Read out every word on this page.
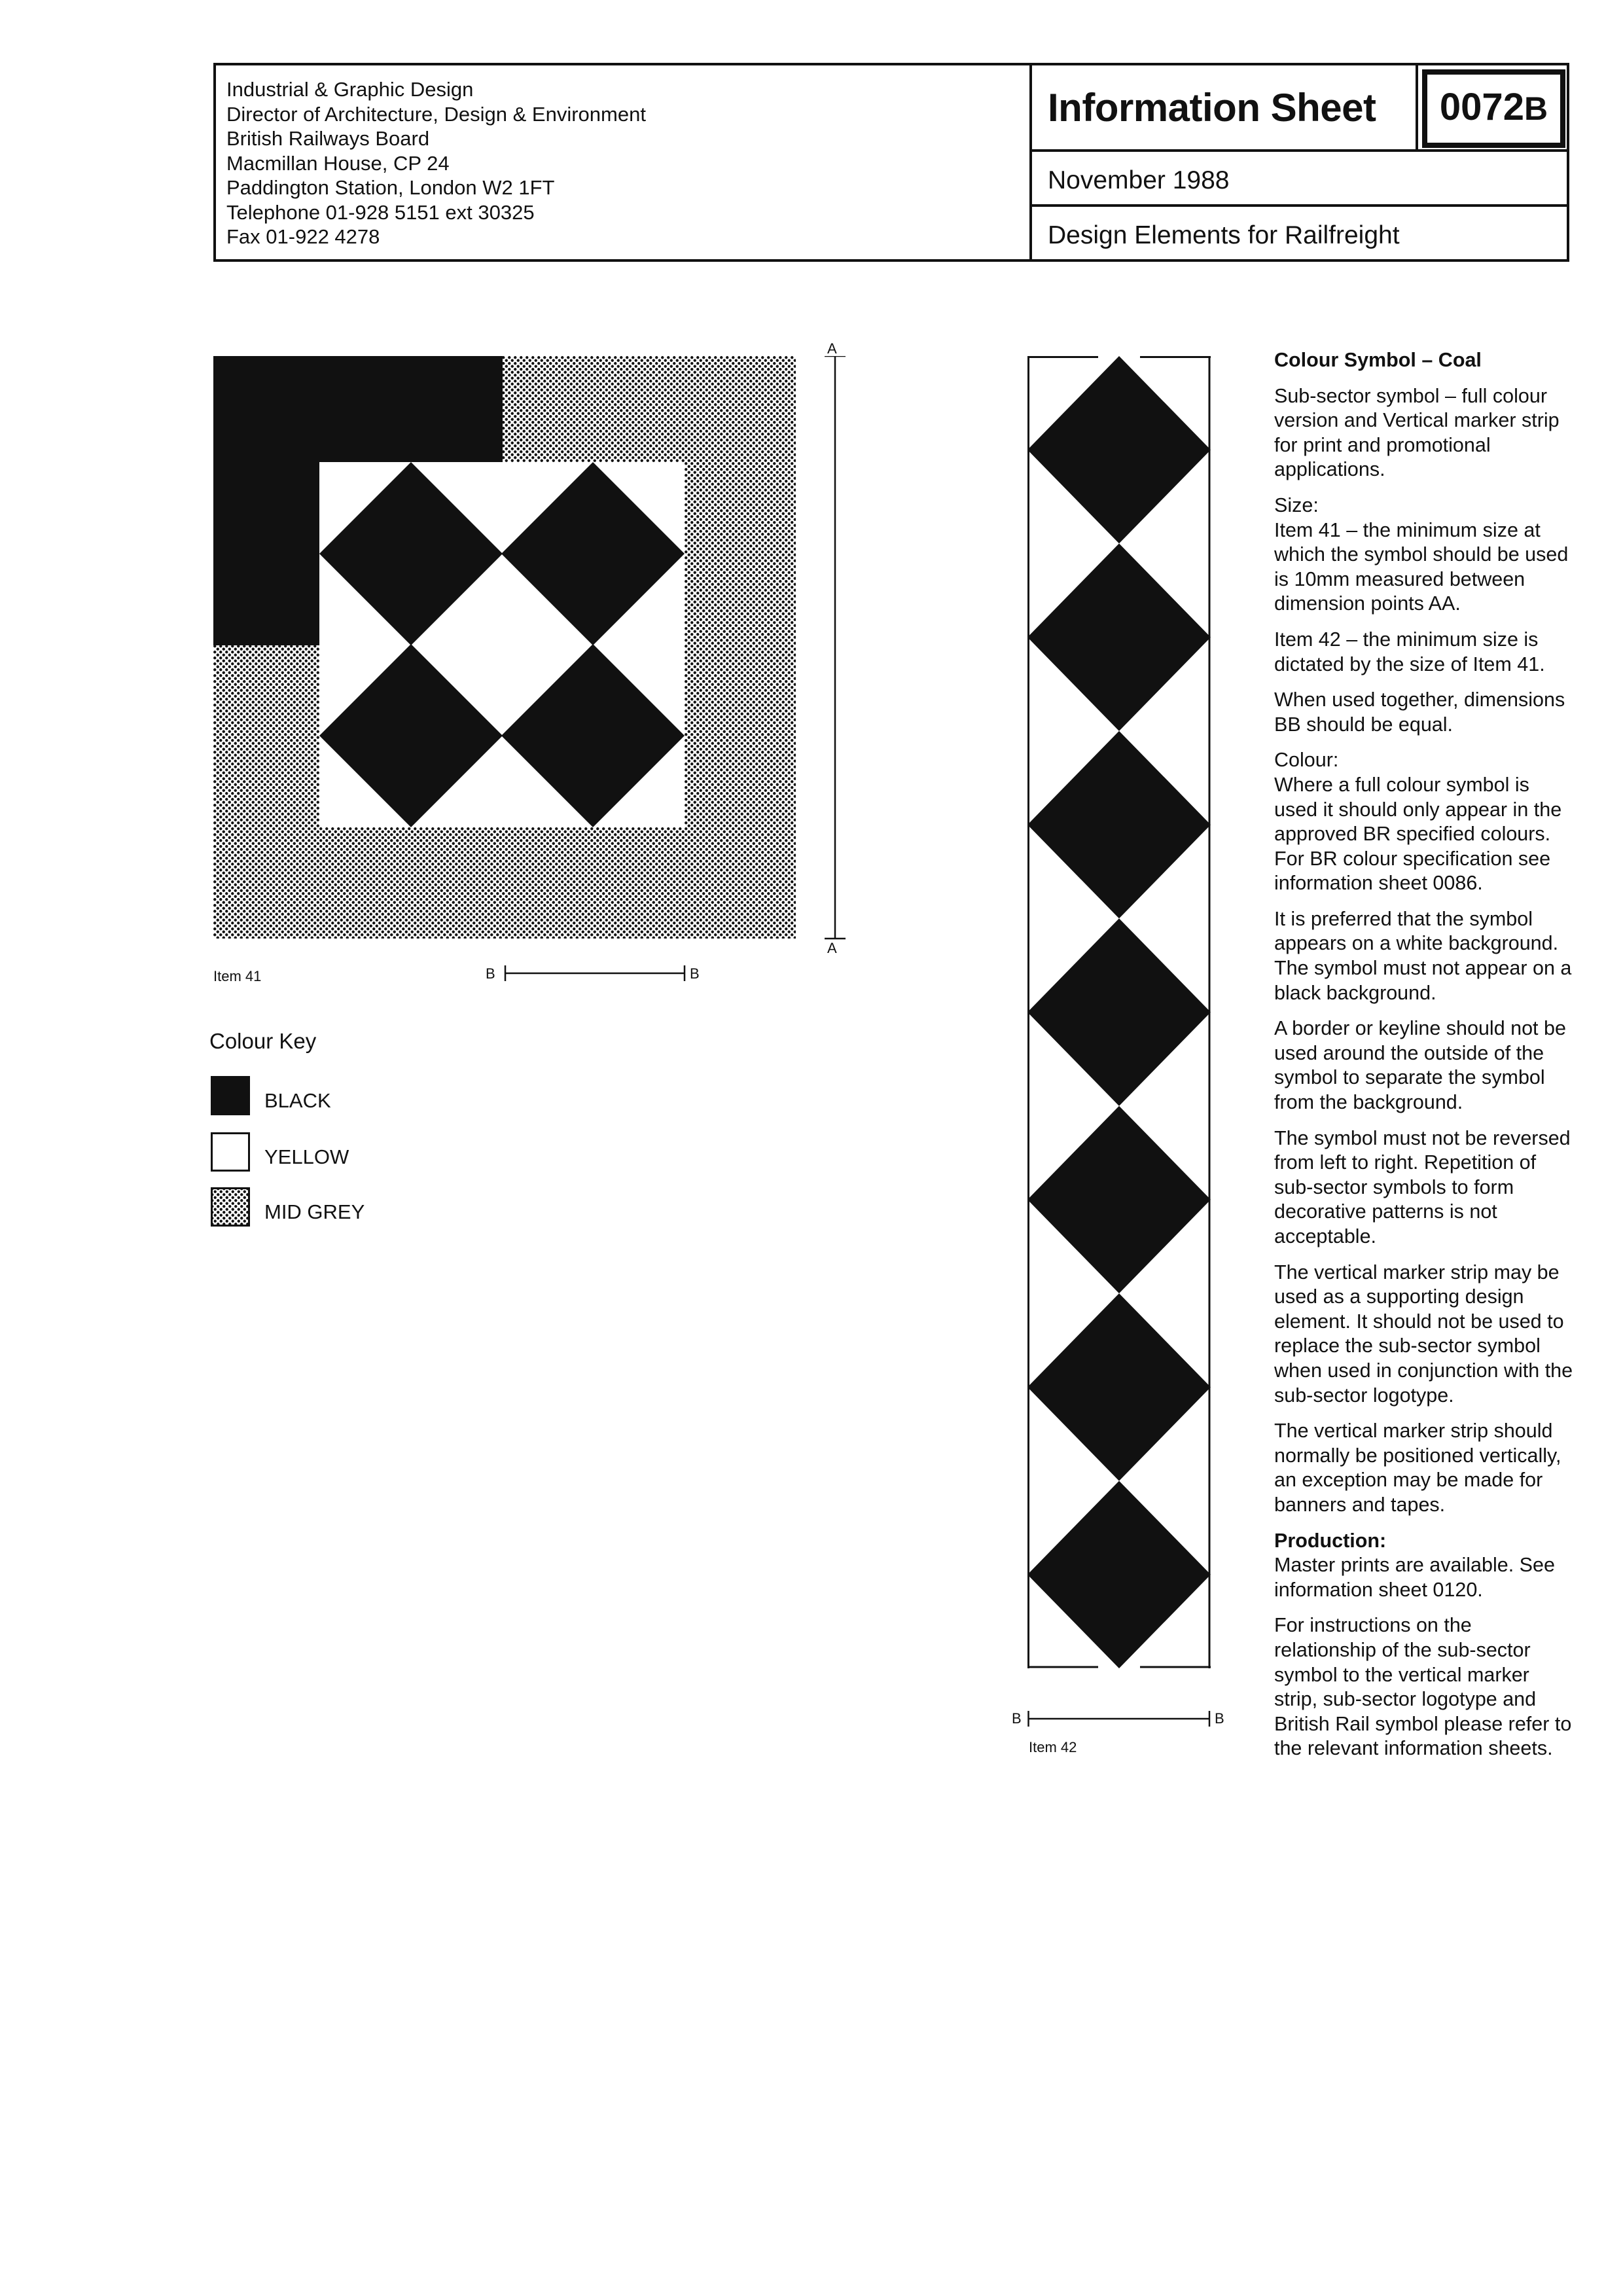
Industrial & Graphic Design
Director of Architecture, Design & Environment
British Railways Board
Macmillan House, CP 24
Paddington Station, London W2 1FT
Telephone 01-928 5151 ext 30325
Fax 01-922 4278
Information Sheet	0072B
November 1988
Design Elements for Railfreight
A
A
B	B
Item 41
Colour Key
BLACK
YELLOW
MID GREY
B	B
Item 42

Colour Symbol – Coal

Sub-sector symbol – full colour version and Vertical marker strip for print and promotional applications.

Size:
Item 41 – the minimum size at which the symbol should be used is 10mm measured between dimension points AA.

Item 42 – the minimum size is dictated by the size of Item 41.

When used together, dimensions BB should be equal.

Colour:
Where a full colour symbol is used it should only appear in the approved BR specified colours. For BR colour specification see information sheet 0086.

It is preferred that the symbol appears on a white background. The symbol must not appear on a black background.

A border or keyline should not be used around the outside of the symbol to separate the symbol from the background.

The symbol must not be reversed from left to right. Repetition of sub-sector symbols to form decorative patterns is not acceptable.

The vertical marker strip may be used as a supporting design element. It should not be used to replace the sub-sector symbol when used in conjunction with the sub-sector logotype.

The vertical marker strip should normally be positioned vertically, an exception may be made for banners and tapes.

Production:
Master prints are available. See information sheet 0120.

For instructions on the relationship of the sub-sector symbol to the vertical marker strip, sub-sector logotype and British Rail symbol please refer to the relevant information sheets.
